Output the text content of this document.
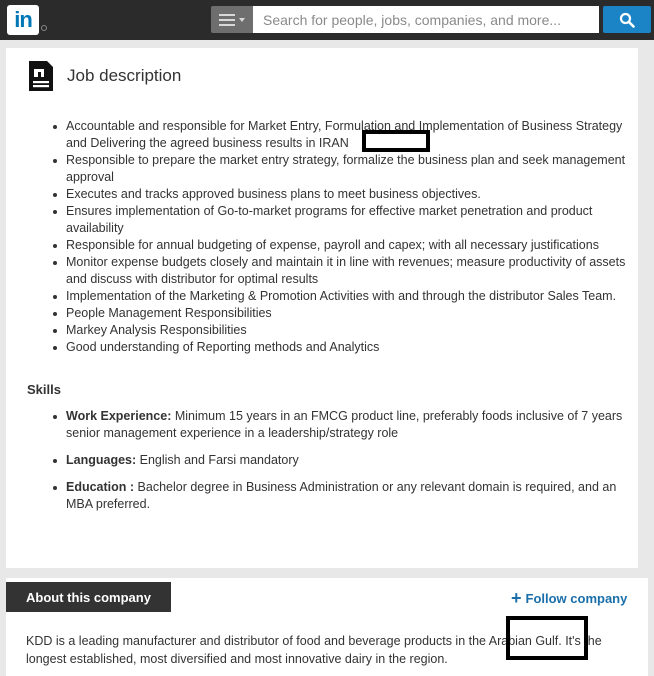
in
Search for people, jobs, companies, and more...
Job description
Accountable and responsible for Market Entry, Formulation and Implementation of Business Strategy and Delivering the agreed business results in IRAN
Responsible to prepare the market entry strategy, formalize the business plan and seek management approval
Executes and tracks approved business plans to meet business objectives.
Ensures implementation of Go-to-market programs for effective market penetration and product availability
Responsible for annual budgeting of expense, payroll and capex; with all necessary justifications
Monitor expense budgets closely and maintain it in line with revenues; measure productivity of assets and discuss with distributor for optimal results
Implementation of the Marketing & Promotion Activities with and through the distributor Sales Team.
People Management Responsibilities
Markey Analysis Responsibilities
Good understanding of Reporting methods and Analytics
Skills
Work Experience: Minimum 15 years in an FMCG product line, preferably foods inclusive of 7 years senior management experience in a leadership/strategy role
Languages: English and Farsi mandatory
Education : Bachelor degree in Business Administration or any relevant domain is required, and an MBA preferred.
About this company	+ Follow company
KDD is a leading manufacturer and distributor of food and beverage products in the Arabian Gulf. It's the longest established, most diversified and most innovative dairy in the region.
